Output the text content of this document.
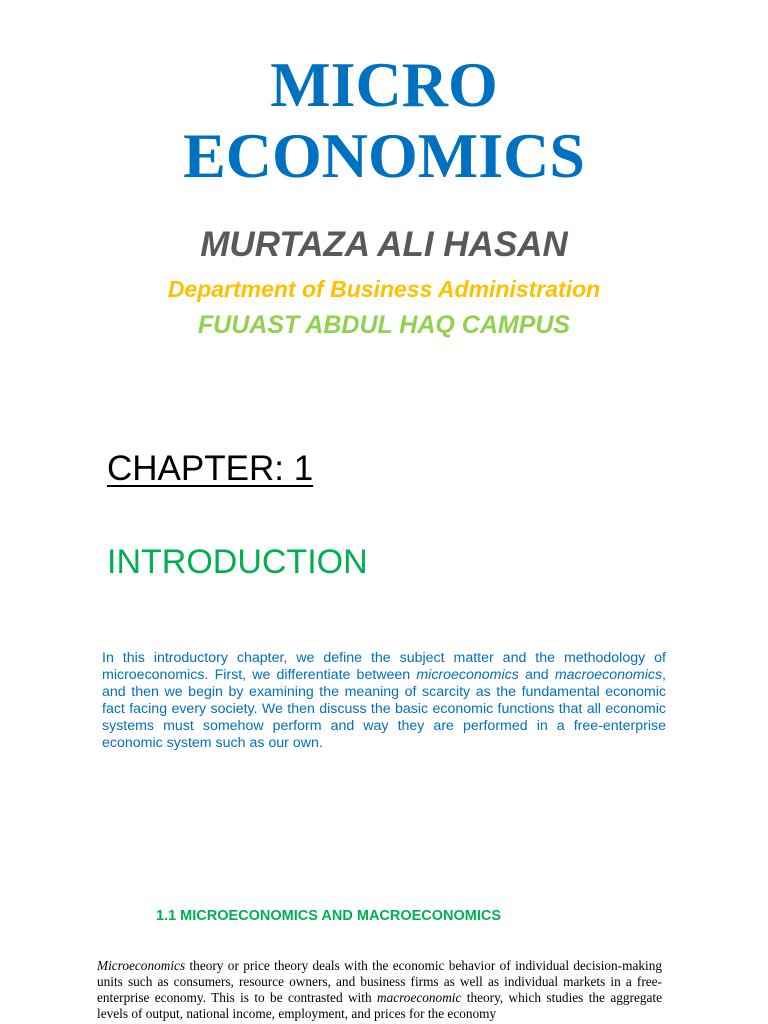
MICRO
ECONOMICS
MURTAZA ALI HASAN
Department of Business Administration
FUUAST ABDUL HAQ CAMPUS
CHAPTER: 1
INTRODUCTION

In this introductory chapter, we define the subject matter and the methodology of microeconomics. First, we differentiate between microeconomics and macroeconomics, and then we begin by examining the meaning of scarcity as the fundamental economic fact facing every society. We then discuss the basic economic functions that all economic systems must somehow perform and way they are performed in a free-enterprise economic system such as our own.

1.1 MICROECONOMICS AND MACROECONOMICS

Microeconomics theory or price theory deals with the economic behavior of individual decision-making units such as consumers, resource owners, and business firms as well as individual markets in a free-enterprise economy. This is to be contrasted with macroeconomic theory, which studies the aggregate levels of output, national income, employment, and prices for the economy
